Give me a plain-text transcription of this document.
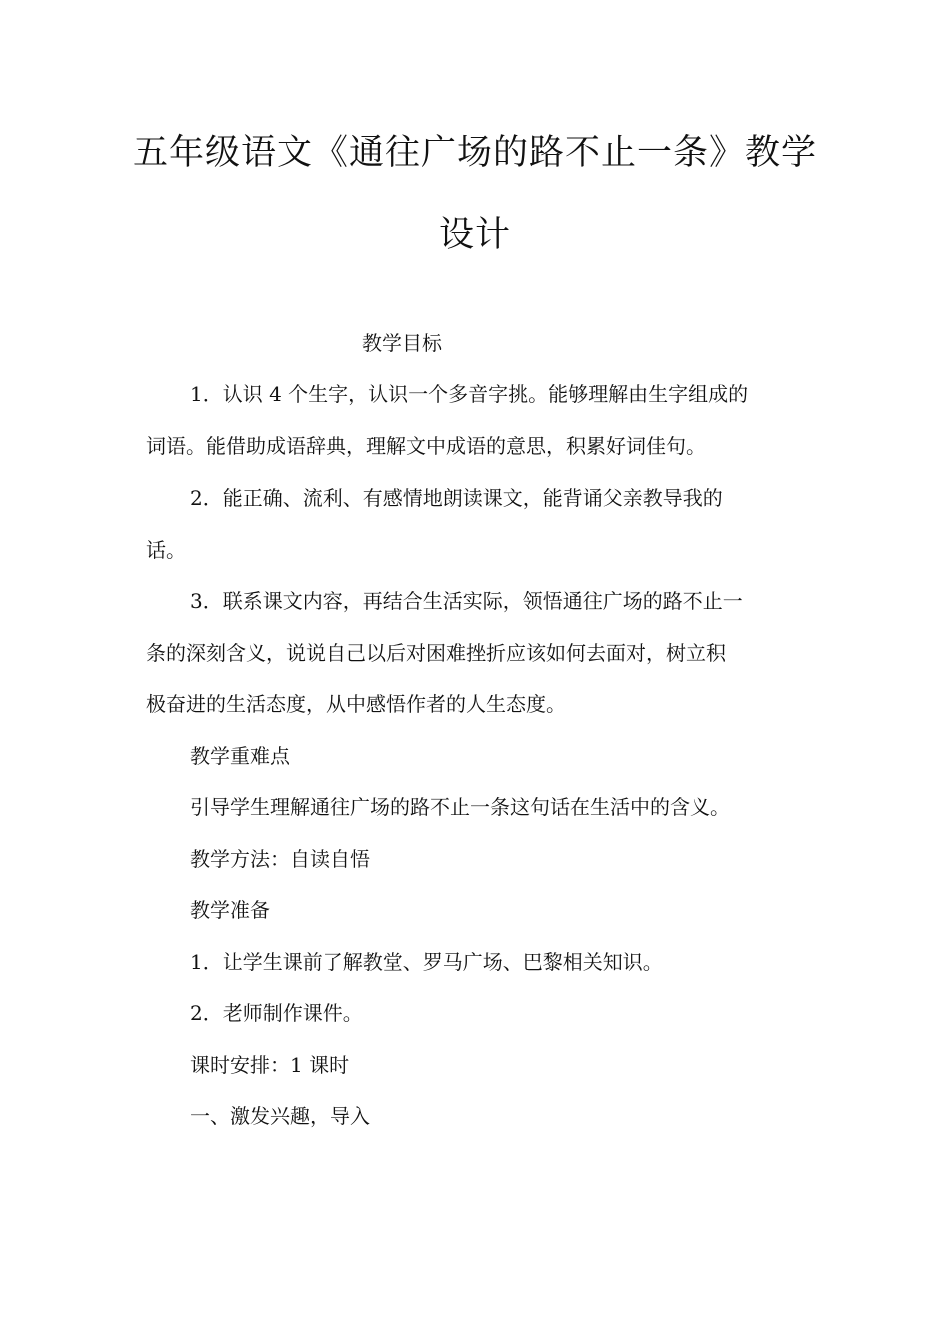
五年级语文《通往广场的路不止一条》教学
设计

教学目标

1．认识 4 个生字，认识一个多音字挑。能够理解由生字组成的

词语。能借助成语辞典，理解文中成语的意思，积累好词佳句。

2．能正确、流利、有感情地朗读课文，能背诵父亲教导我的

话。

3．联系课文内容，再结合生活实际，领悟通往广场的路不止一

条的深刻含义，说说自己以后对困难挫折应该如何去面对，树立积

极奋进的生活态度，从中感悟作者的人生态度。

教学重难点

引导学生理解通往广场的路不止一条这句话在生活中的含义。

教学方法：自读自悟

教学准备

1．让学生课前了解教堂、罗马广场、巴黎相关知识。

2．老师制作课件。

课时安排：1 课时

一、激发兴趣，导入
